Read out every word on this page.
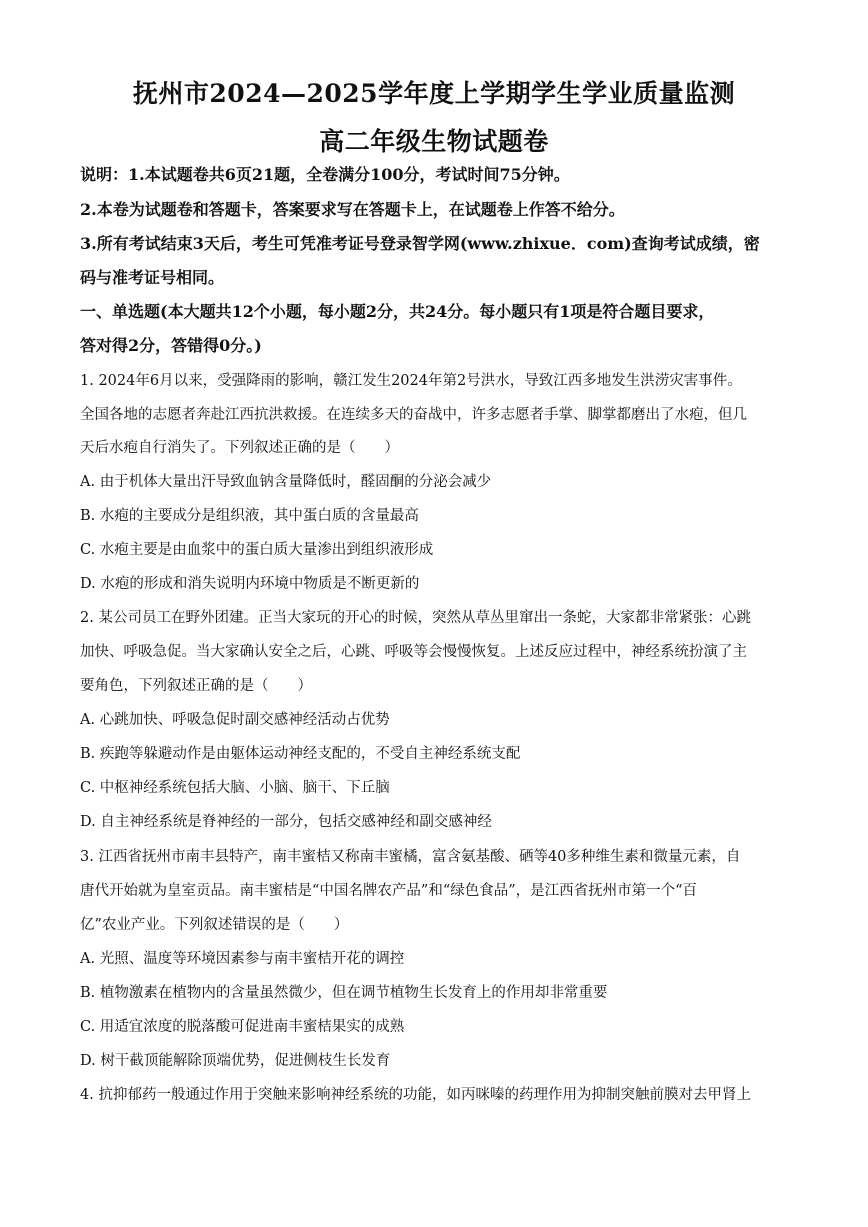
抚州市2024—2025学年度上学期学生学业质量监测
高二年级生物试题卷
说明：1.本试题卷共6页21题，全卷满分100分，考试时间75分钟。
2.本卷为试题卷和答题卡，答案要求写在答题卡上，在试题卷上作答不给分。
3.所有考试结束3天后，考生可凭准考证号登录智学网(www.zhixue．com)查询考试成绩，密
码与准考证号相同。
一、单选题(本大题共12个小题，每小题2分，共24分。每小题只有1项是符合题目要求，
答对得2分，答错得0分。)
1. 2024年6月以来，受强降雨的影响，赣江发生2024年第2号洪水，导致江西多地发生洪涝灾害事件。
全国各地的志愿者奔赴江西抗洪救援。在连续多天的奋战中，许多志愿者手掌、脚掌都磨出了水疱，但几
天后水疱自行消失了。下列叙述正确的是（　　）
A. 由于机体大量出汗导致血钠含量降低时，醛固酮的分泌会减少
B. 水疱的主要成分是组织液，其中蛋白质的含量最高
C. 水疱主要是由血浆中的蛋白质大量渗出到组织液形成
D. 水疱的形成和消失说明内环境中物质是不断更新的
2. 某公司员工在野外团建。正当大家玩的开心的时候，突然从草丛里窜出一条蛇，大家都非常紧张：心跳
加快、呼吸急促。当大家确认安全之后，心跳、呼吸等会慢慢恢复。上述反应过程中，神经系统扮演了主
要角色，下列叙述正确的是（　　）
A. 心跳加快、呼吸急促时副交感神经活动占优势
B. 疾跑等躲避动作是由躯体运动神经支配的，不受自主神经系统支配
C. 中枢神经系统包括大脑、小脑、脑干、下丘脑
D. 自主神经系统是脊神经的一部分，包括交感神经和副交感神经
3. 江西省抚州市南丰县特产，南丰蜜桔又称南丰蜜橘，富含氨基酸、硒等40多种维生素和微量元素，自
唐代开始就为皇室贡品。南丰蜜桔是“中国名牌农产品”和“绿色食品”，是江西省抚州市第一个“百
亿”农业产业。下列叙述错误的是（　　）
A. 光照、温度等环境因素参与南丰蜜桔开花的调控
B. 植物激素在植物内的含量虽然微少，但在调节植物生长发育上的作用却非常重要
C. 用适宜浓度的脱落酸可促进南丰蜜桔果实的成熟
D. 树干截顶能解除顶端优势，促进侧枝生长发育
4. 抗抑郁药一般通过作用于突触来影响神经系统的功能，如丙咪嗪的药理作用为抑制突触前膜对去甲肾上
